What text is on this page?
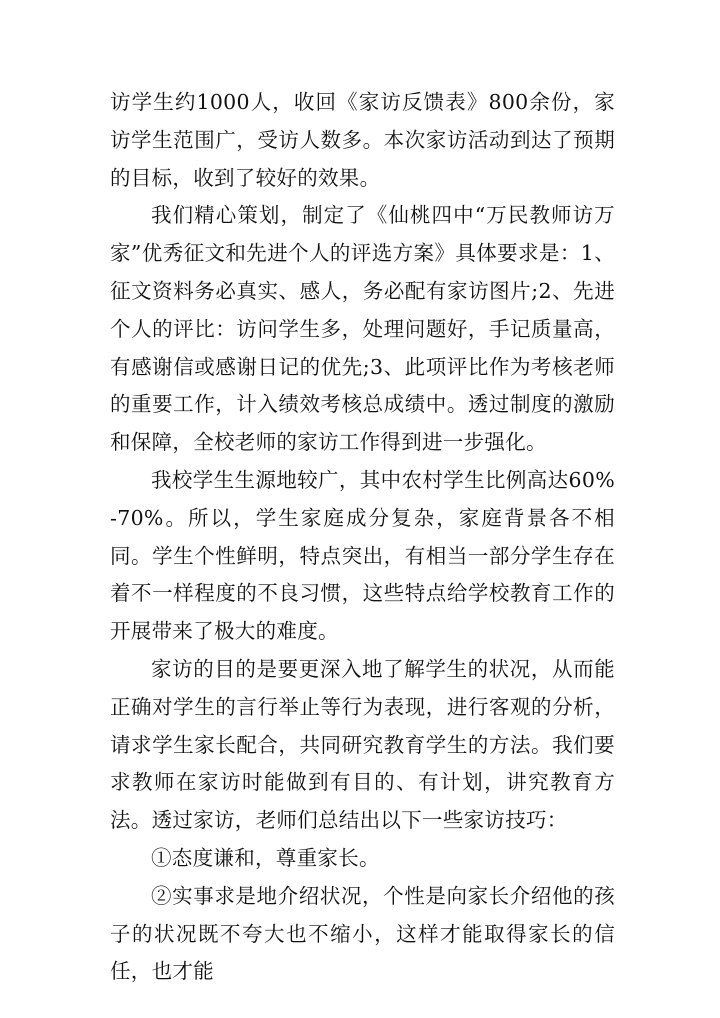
访学生约1000人，收回《家访反馈表》800余份，家访学生范围广，受访人数多。本次家访活动到达了预期的目标，收到了较好的效果。

我们精心策划，制定了《仙桃四中“万民教师访万家”优秀征文和先进个人的评选方案》具体要求是：1、征文资料务必真实、感人，务必配有家访图片;2、先进个人的评比：访问学生多，处理问题好，手记质量高，有感谢信或感谢日记的优先;3、此项评比作为考核老师的重要工作，计入绩效考核总成绩中。透过制度的激励和保障，全校老师的家访工作得到进一步强化。

我校学生生源地较广，其中农村学生比例高达60%-70%。所以，学生家庭成分复杂，家庭背景各不相同。学生个性鲜明，特点突出，有相当一部分学生存在着不一样程度的不良习惯，这些特点给学校教育工作的开展带来了极大的难度。

家访的目的是要更深入地了解学生的状况，从而能正确对学生的言行举止等行为表现，进行客观的分析，请求学生家长配合，共同研究教育学生的方法。我们要求教师在家访时能做到有目的、有计划，讲究教育方法。透过家访，老师们总结出以下一些家访技巧：

①态度谦和，尊重家长。

②实事求是地介绍状况，个性是向家长介绍他的孩子的状况既不夸大也不缩小，这样才能取得家长的信任，也才能
